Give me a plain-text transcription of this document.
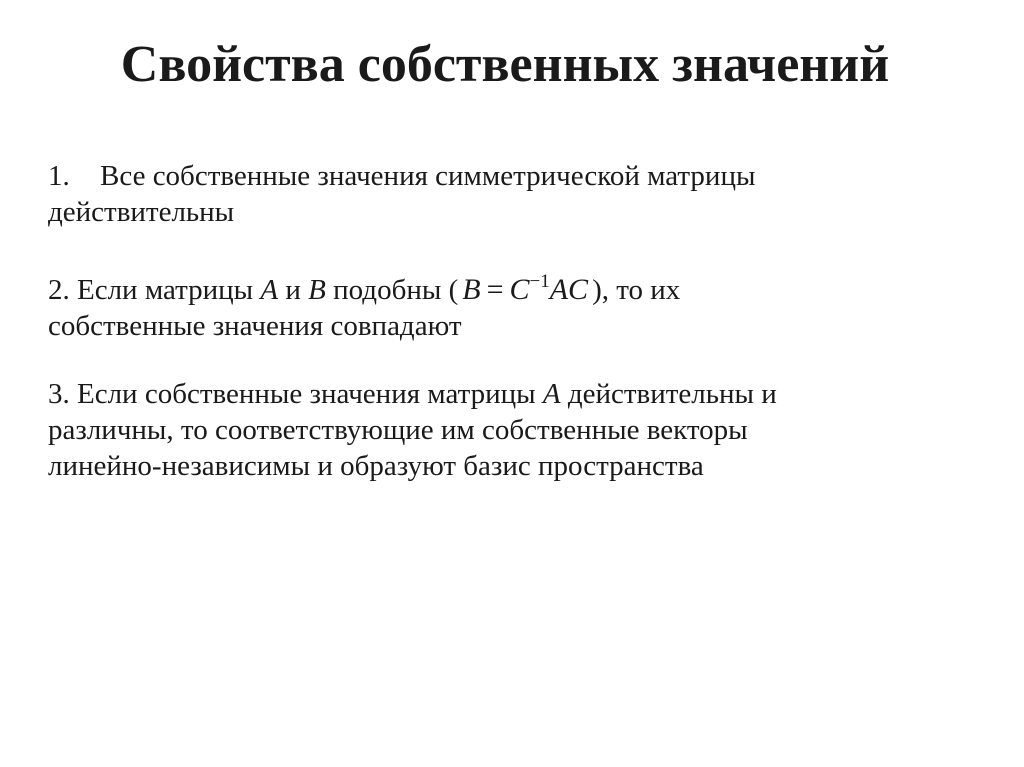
Свойства собственных значений
1. Все собственные значения симметрической матрицы
действительны
2. Если матрицы A и B подобны ( $B = C^{-1}AC$ ), то их
собственные значения совпадают
3. Если собственные значения матрицы A действительны и
различны, то соответствующие им собственные векторы
линейно-независимы и образуют базис пространства
